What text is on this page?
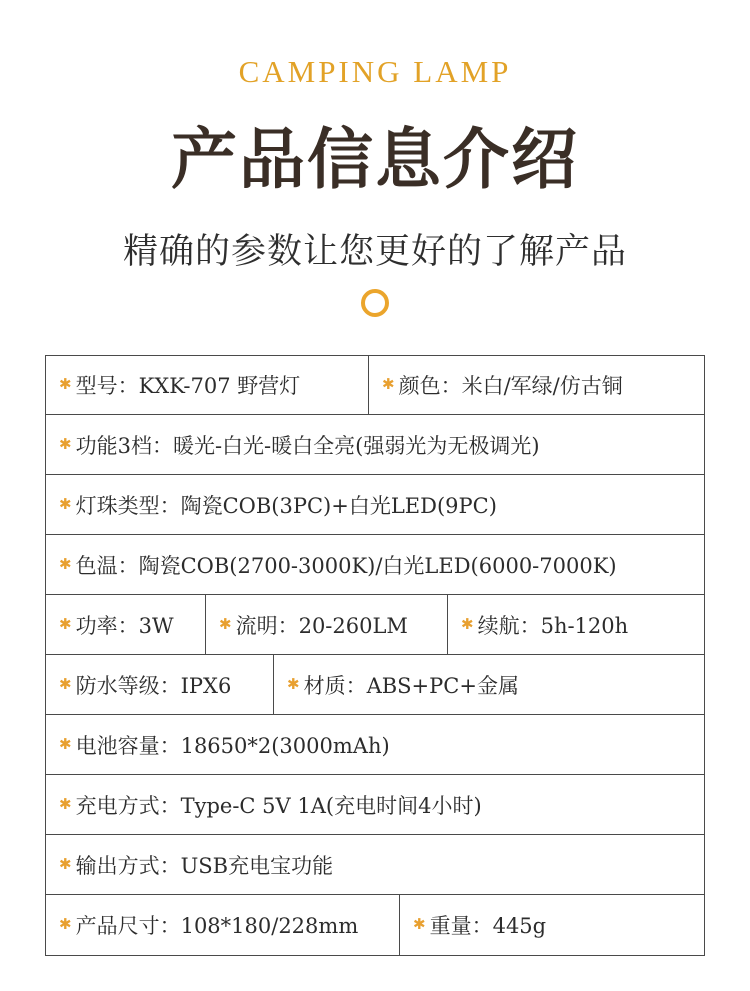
CAMPING LAMP
产品信息介绍
精确的参数让您更好的了解产品
✱ 型号：KXK-707 野营灯	✱ 颜色：米白/军绿/仿古铜
✱ 功能3档：暖光-白光-暖白全亮(强弱光为无极调光)
✱ 灯珠类型：陶瓷COB(3PC)+白光LED(9PC)
✱ 色温：陶瓷COB(2700-3000K)/白光LED(6000-7000K)
✱ 功率：3W	✱ 流明：20-260LM	✱ 续航：5h-120h
✱ 防水等级：IPX6	✱ 材质：ABS+PC+金属
✱ 电池容量：18650*2(3000mAh)
✱ 充电方式：Type-C 5V 1A(充电时间4小时)
✱ 输出方式：USB充电宝功能
✱ 产品尺寸：108*180/228mm	✱ 重量：445g
